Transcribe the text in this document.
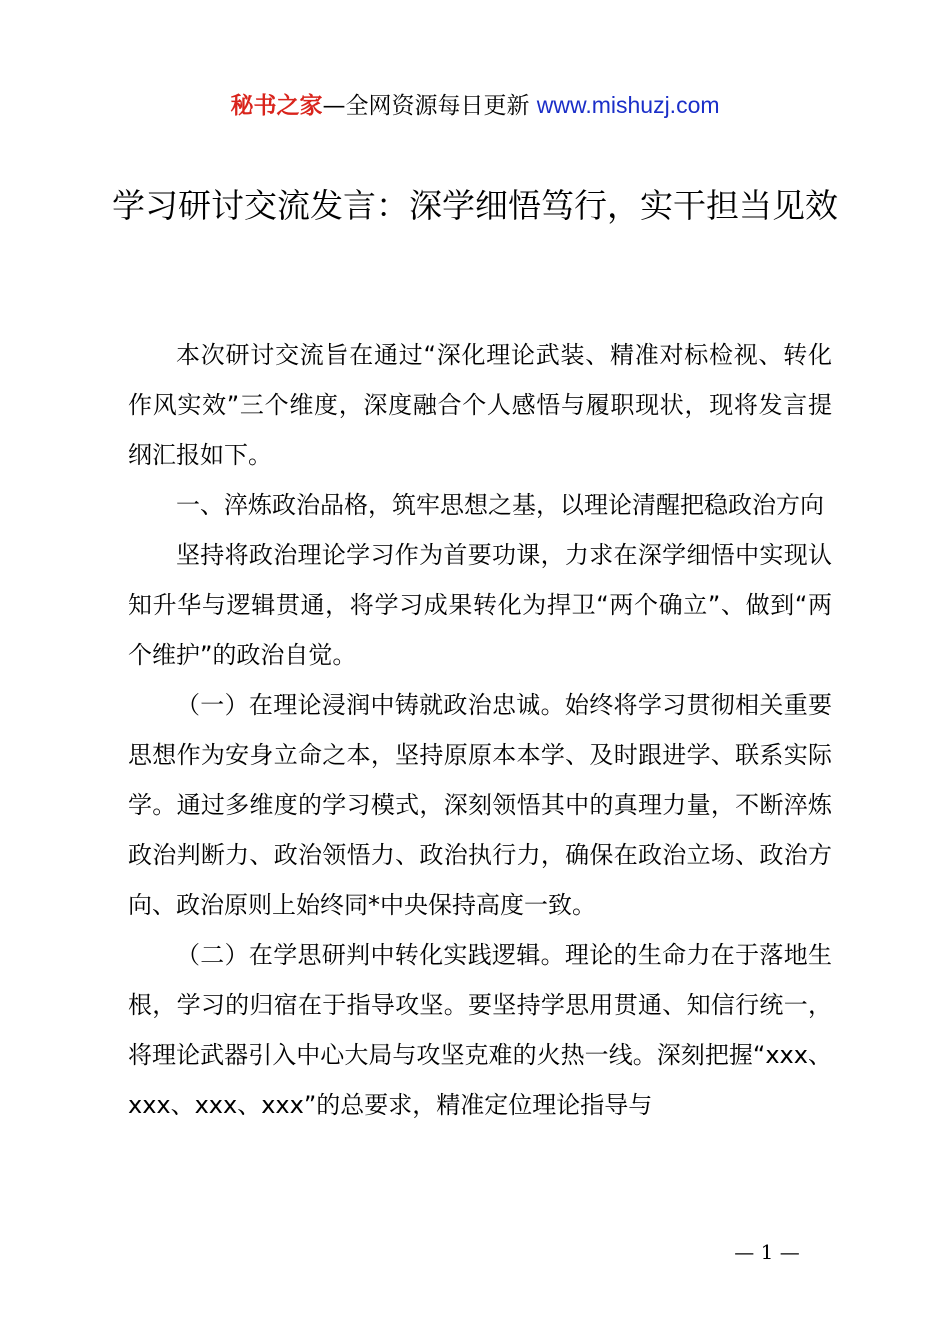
秘书之家—全网资源每日更新 www.mishuzj.com
学习研讨交流发言：深学细悟笃行，实干担当见效

本次研讨交流旨在通过“深化理论武装、精准对标检视、转化作风实效”三个维度，深度融合个人感悟与履职现状，现将发言提纲汇报如下。

一、淬炼政治品格，筑牢思想之基，以理论清醒把稳政治方向

坚持将政治理论学习作为首要功课，力求在深学细悟中实现认知升华与逻辑贯通，将学习成果转化为捍卫“两个确立”、做到“两个维护”的政治自觉。

（一）在理论浸润中铸就政治忠诚。始终将学习贯彻相关重要思想作为安身立命之本，坚持原原本本学、及时跟进学、联系实际学。通过多维度的学习模式，深刻领悟其中的真理力量，不断淬炼政治判断力、政治领悟力、政治执行力，确保在政治立场、政治方向、政治原则上始终同*中央保持高度一致。

（二）在学思研判中转化实践逻辑。理论的生命力在于落地生根，学习的归宿在于指导攻坚。要坚持学思用贯通、知信行统一，将理论武器引入中心大局与攻坚克难的火热一线。深刻把握“xxx、xxx、xxx、xxx”的总要求，精准定位理论指导与

— 1 —
